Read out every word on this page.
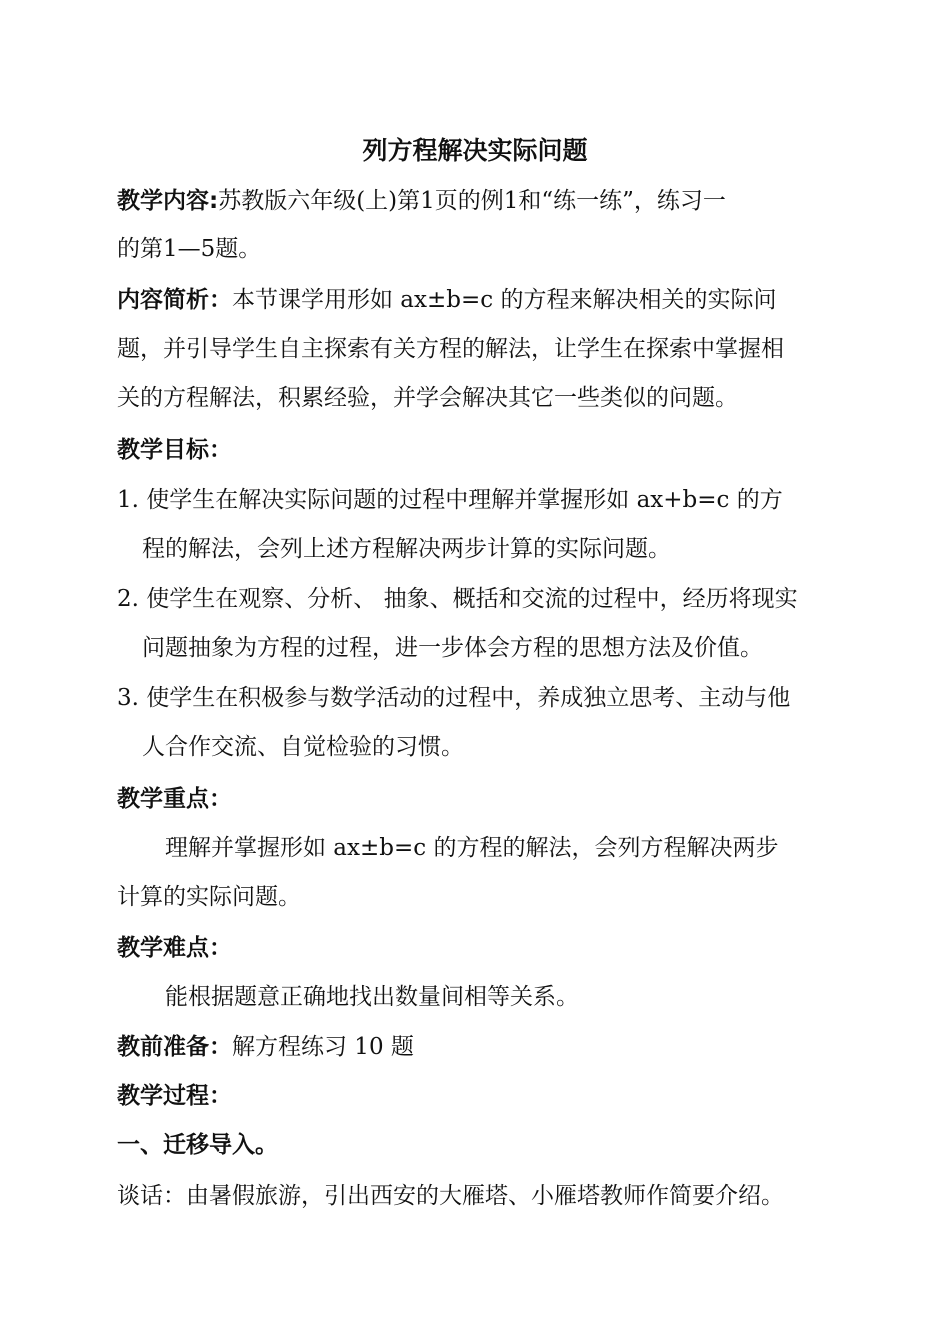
列方程解决实际问题
教学内容:苏教版六年级(上)第1页的例1和“练一练”，练习一
的第1—5题。
内容简析：本节课学用形如 ax±b=c 的方程来解决相关的实际问
题，并引导学生自主探索有关方程的解法，让学生在探索中掌握相
关的方程解法，积累经验，并学会解决其它一些类似的问题。
教学目标：
1. 使学生在解决实际问题的过程中理解并掌握形如 ax+b=c 的方
程的解法，会列上述方程解决两步计算的实际问题。
2. 使学生在观察、分析、 抽象、概括和交流的过程中，经历将现实
问题抽象为方程的过程，进一步体会方程的思想方法及价值。
3. 使学生在积极参与数学活动的过程中，养成独立思考、主动与他
人合作交流、自觉检验的习惯。
教学重点：
理解并掌握形如 ax±b=c 的方程的解法，会列方程解决两步
计算的实际问题。
教学难点：
能根据题意正确地找出数量间相等关系。
教前准备：解方程练习 10 题
教学过程：
一、迁移导入。
谈话：由暑假旅游，引出西安的大雁塔、小雁塔教师作简要介绍。
